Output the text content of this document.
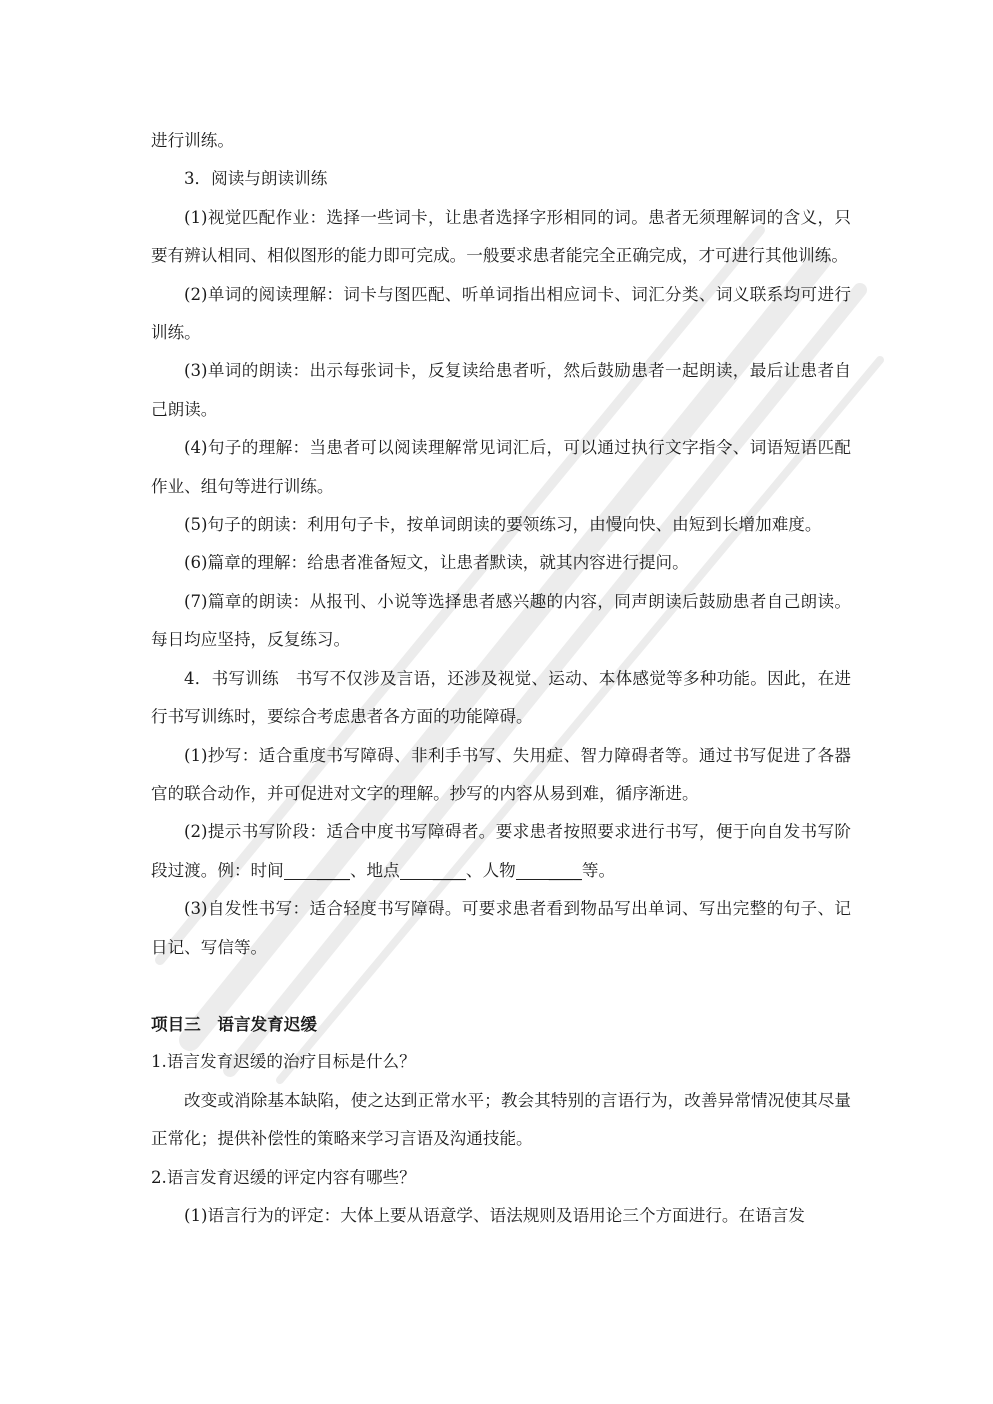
进行训练。

3．阅读与朗读训练

(1)视觉匹配作业：选择一些词卡，让患者选择字形相同的词。患者无须理解词的含义，只要有辨认相同、相似图形的能力即可完成。一般要求患者能完全正确完成，才可进行其他训练。

(2)单词的阅读理解：词卡与图匹配、听单词指出相应词卡、词汇分类、词义联系均可进行训练。

(3)单词的朗读：出示每张词卡，反复读给患者听，然后鼓励患者一起朗读，最后让患者自己朗读。

(4)句子的理解：当患者可以阅读理解常见词汇后，可以通过执行文字指令、词语短语匹配作业、组句等进行训练。

(5)句子的朗读：利用句子卡，按单词朗读的要领练习，由慢向快、由短到长增加难度。

(6)篇章的理解：给患者准备短文，让患者默读，就其内容进行提问。

(7)篇章的朗读：从报刊、小说等选择患者感兴趣的内容，同声朗读后鼓励患者自己朗读。每日均应坚持，反复练习。

4．书写训练　书写不仅涉及言语，还涉及视觉、运动、本体感觉等多种功能。因此，在进行书写训练时，要综合考虑患者各方面的功能障碍。

(1)抄写：适合重度书写障碍、非利手书写、失用症、智力障碍者等。通过书写促进了各器官的联合动作，并可促进对文字的理解。抄写的内容从易到难，循序渐进。

(2)提示书写阶段：适合中度书写障碍者。要求患者按照要求进行书写，便于向自发书写阶段过渡。例：时间 ____、地点 ____、人物 ____等。

(3)自发性书写：适合轻度书写障碍。可要求患者看到物品写出单词、写出完整的句子、记日记、写信等。

项目三　语言发育迟缓

1.语言发育迟缓的治疗目标是什么？

改变或消除基本缺陷，使之达到正常水平；教会其特别的言语行为，改善异常情况使其尽量正常化；提供补偿性的策略来学习言语及沟通技能。

2.语言发育迟缓的评定内容有哪些？

(1)语言行为的评定：大体上要从语意学、语法规则及语用论三个方面进行。在语言发
